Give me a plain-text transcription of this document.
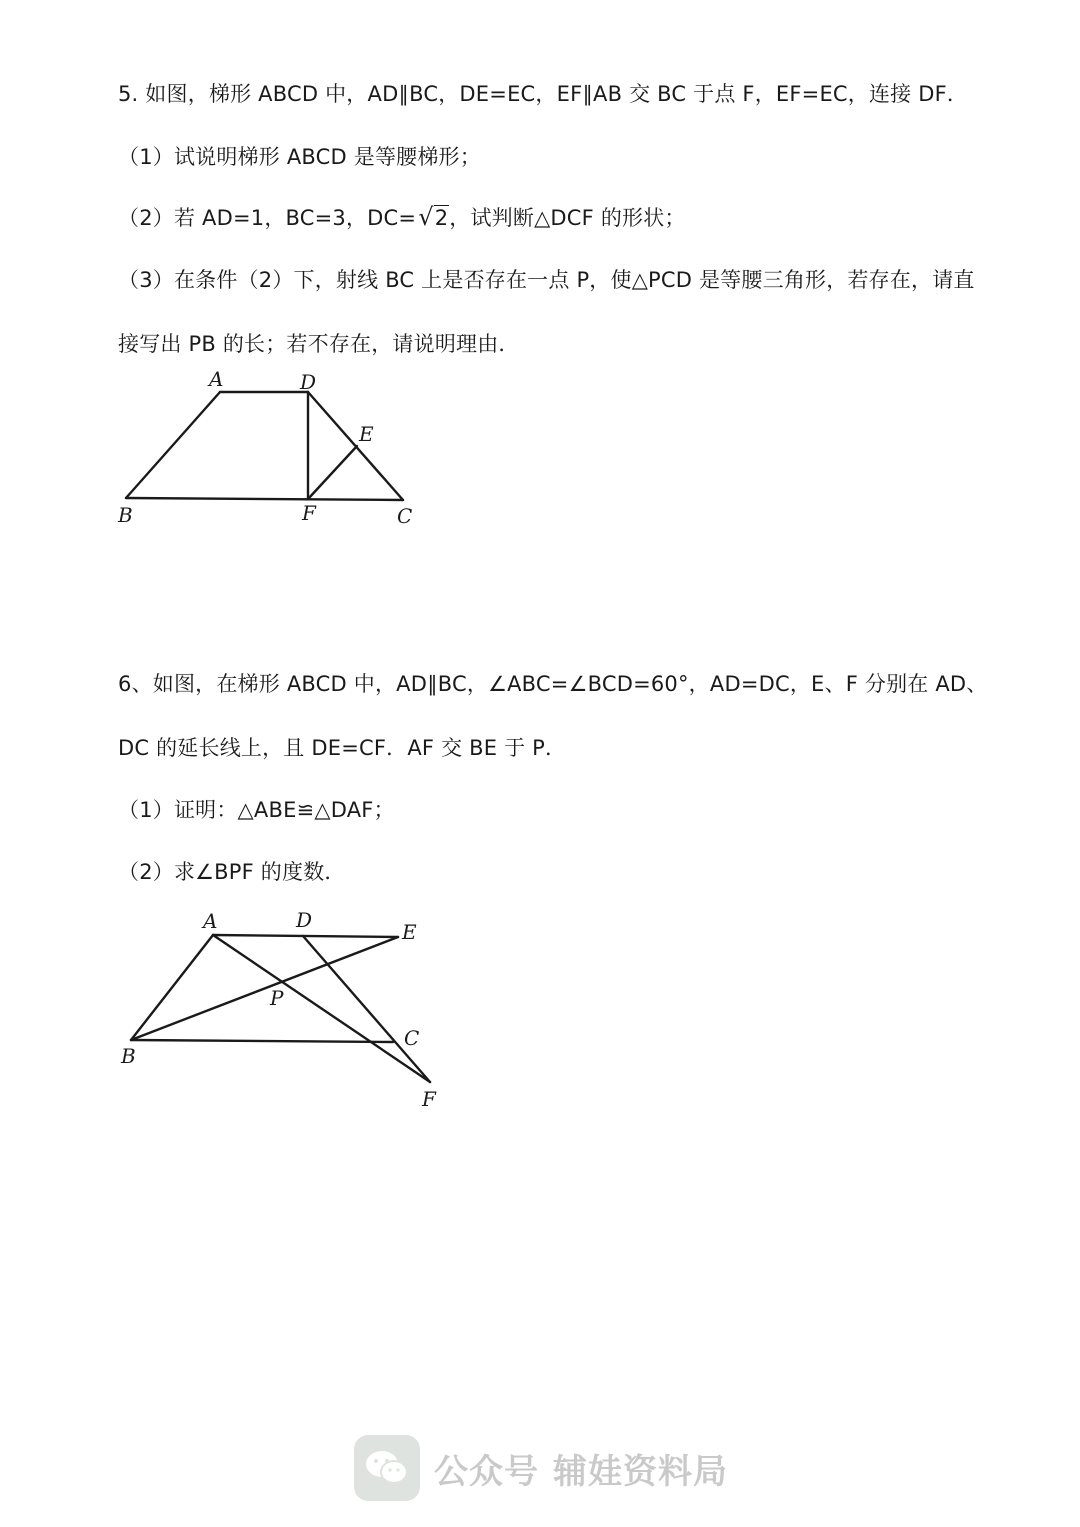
5. 如图，梯形 ABCD 中，AD∥BC，DE=EC，EF∥AB 交 BC 于点 F，EF=EC，连接 DF．
（1）试说明梯形 ABCD 是等腰梯形；
（2）若 AD=1，BC=3，DC=√2，试判断△DCF 的形状；
（3）在条件（2）下，射线 BC 上是否存在一点 P，使△PCD 是等腰三角形，若存在，请直
接写出 PB 的长；若不存在，请说明理由．
A	D
E
B	F	C
6、如图，在梯形 ABCD 中，AD∥BC，∠ABC=∠BCD=60°，AD=DC，E、F 分别在 AD、
DC 的延长线上，且 DE=CF．AF 交 BE 于 P．
（1）证明：△ABE≌△DAF；
（2）求∠BPF 的度数．
A	D	E
P
B
C
F
公众号 辅娃资料局
